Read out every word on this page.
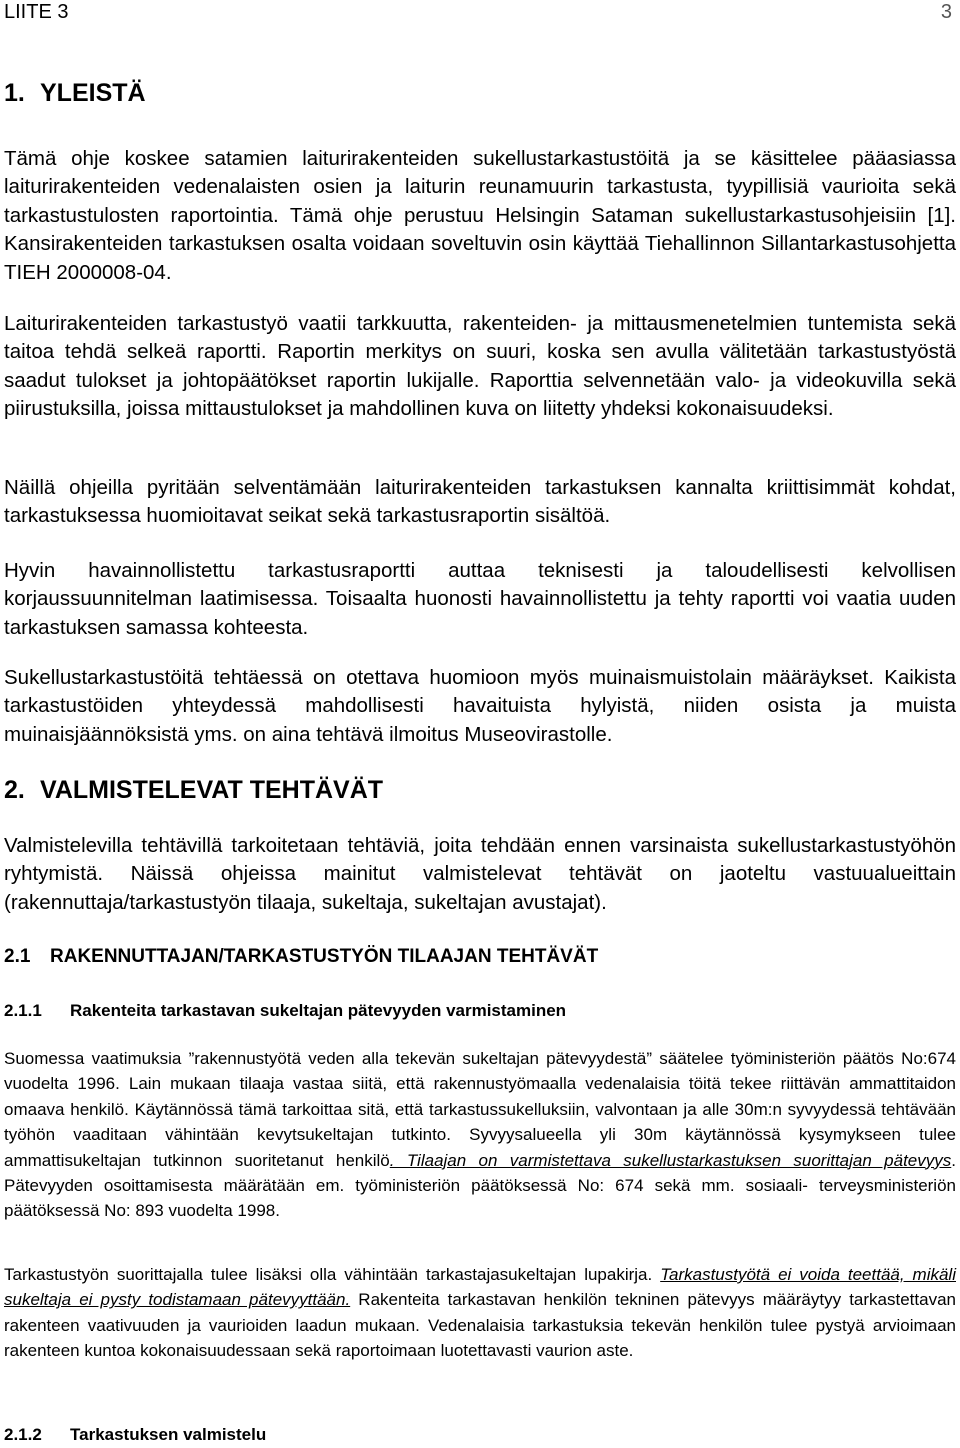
LIITE 3	3
1. YLEISTÄ

Tämä ohje koskee satamien laiturirakenteiden sukellustarkastustöitä ja se käsittelee pääasiassa laiturirakenteiden vedenalaisten osien ja laiturin reunamuurin tarkastusta, tyypillisiä vaurioita sekä tarkastustulosten raportointia. Tämä ohje perustuu Helsingin Sataman sukellustarkastusohjeisiin [1]. Kansirakenteiden tarkastuksen osalta voidaan soveltuvin osin käyttää Tiehallinnon Sillantarkastusohjetta TIEH 2000008-04.

Laiturirakenteiden tarkastustyö vaatii tarkkuutta, rakenteiden- ja mittausmenetelmien tuntemista sekä taitoa tehdä selkeä raportti. Raportin merkitys on suuri, koska sen avulla välitetään tarkastustyöstä saadut tulokset ja johtopäätökset raportin lukijalle. Raporttia selvennetään valo- ja videokuvilla sekä piirustuksilla, joissa mittaustulokset ja mahdollinen kuva on liitetty yhdeksi kokonaisuudeksi.

Näillä ohjeilla pyritään selventämään laiturirakenteiden tarkastuksen kannalta kriittisimmät kohdat, tarkastuksessa huomioitavat seikat sekä tarkastusraportin sisältöä.

Hyvin havainnollistettu tarkastusraportti auttaa teknisesti ja taloudellisesti kelvollisen korjaussuunnitelman laatimisessa. Toisaalta huonosti havainnollistettu ja tehty raportti voi vaatia uuden tarkastuksen samassa kohteesta.

Sukellustarkastustöitä tehtäessä on otettava huomioon myös muinaismuistolain määräykset. Kaikista tarkastustöiden yhteydessä mahdollisesti havaituista hylyistä, niiden osista ja muista muinaisjäännöksistä yms. on aina tehtävä ilmoitus Museovirastolle.

2. VALMISTELEVAT TEHTÄVÄT

Valmistelevilla tehtävillä tarkoitetaan tehtäviä, joita tehdään ennen varsinaista sukellustarkastustyöhön ryhtymistä. Näissä ohjeissa mainitut valmistelevat tehtävät on jaoteltu vastuualueittain (rakennuttaja/tarkastustyön tilaaja, sukeltaja, sukeltajan avustajat).

2.1 RAKENNUTTAJAN/TARKASTUSTYÖN TILAAJAN TEHTÄVÄT
2.1.1 Rakenteita tarkastavan sukeltajan pätevyyden varmistaminen

Suomessa vaatimuksia ”rakennustyötä veden alla tekevän sukeltajan pätevyydestä” säätelee työministeriön päätös No:674 vuodelta 1996. Lain mukaan tilaaja vastaa siitä, että rakennustyömaalla vedenalaisia töitä tekee riittävän ammattitaidon omaava henkilö. Käytännössä tämä tarkoittaa sitä, että tarkastussukelluksiin, valvontaan ja alle 30m:n syvyydessä tehtävään työhön vaaditaan vähintään kevytsukeltajan tutkinto. Syvyysalueella yli 30m käytännössä kysymykseen tulee ammattisukeltajan tutkinnon suoritetanut henkilö. Tilaajan on varmistettava sukellustarkastuksen suorittajan pätevyys. Pätevyyden osoittamisesta määrätään em. työministeriön päätöksessä No: 674 sekä mm. sosiaali- terveysministeriön päätöksessä No: 893 vuodelta 1998.

Tarkastustyön suorittajalla tulee lisäksi olla vähintään tarkastajasukeltajan lupakirja. Tarkastustyötä ei voida teettää, mikäli sukeltaja ei pysty todistamaan pätevyyttään. Rakenteita tarkastavan henkilön tekninen pätevyys määräytyy tarkastettavan rakenteen vaativuuden ja vaurioiden laadun mukaan. Vedenalaisia tarkastuksia tekevän henkilön tulee pystyä arvioimaan rakenteen kuntoa kokonaisuudessaan sekä raportoimaan luotettavasti vaurion aste.

2.1.2 Tarkastuksen valmistelu
